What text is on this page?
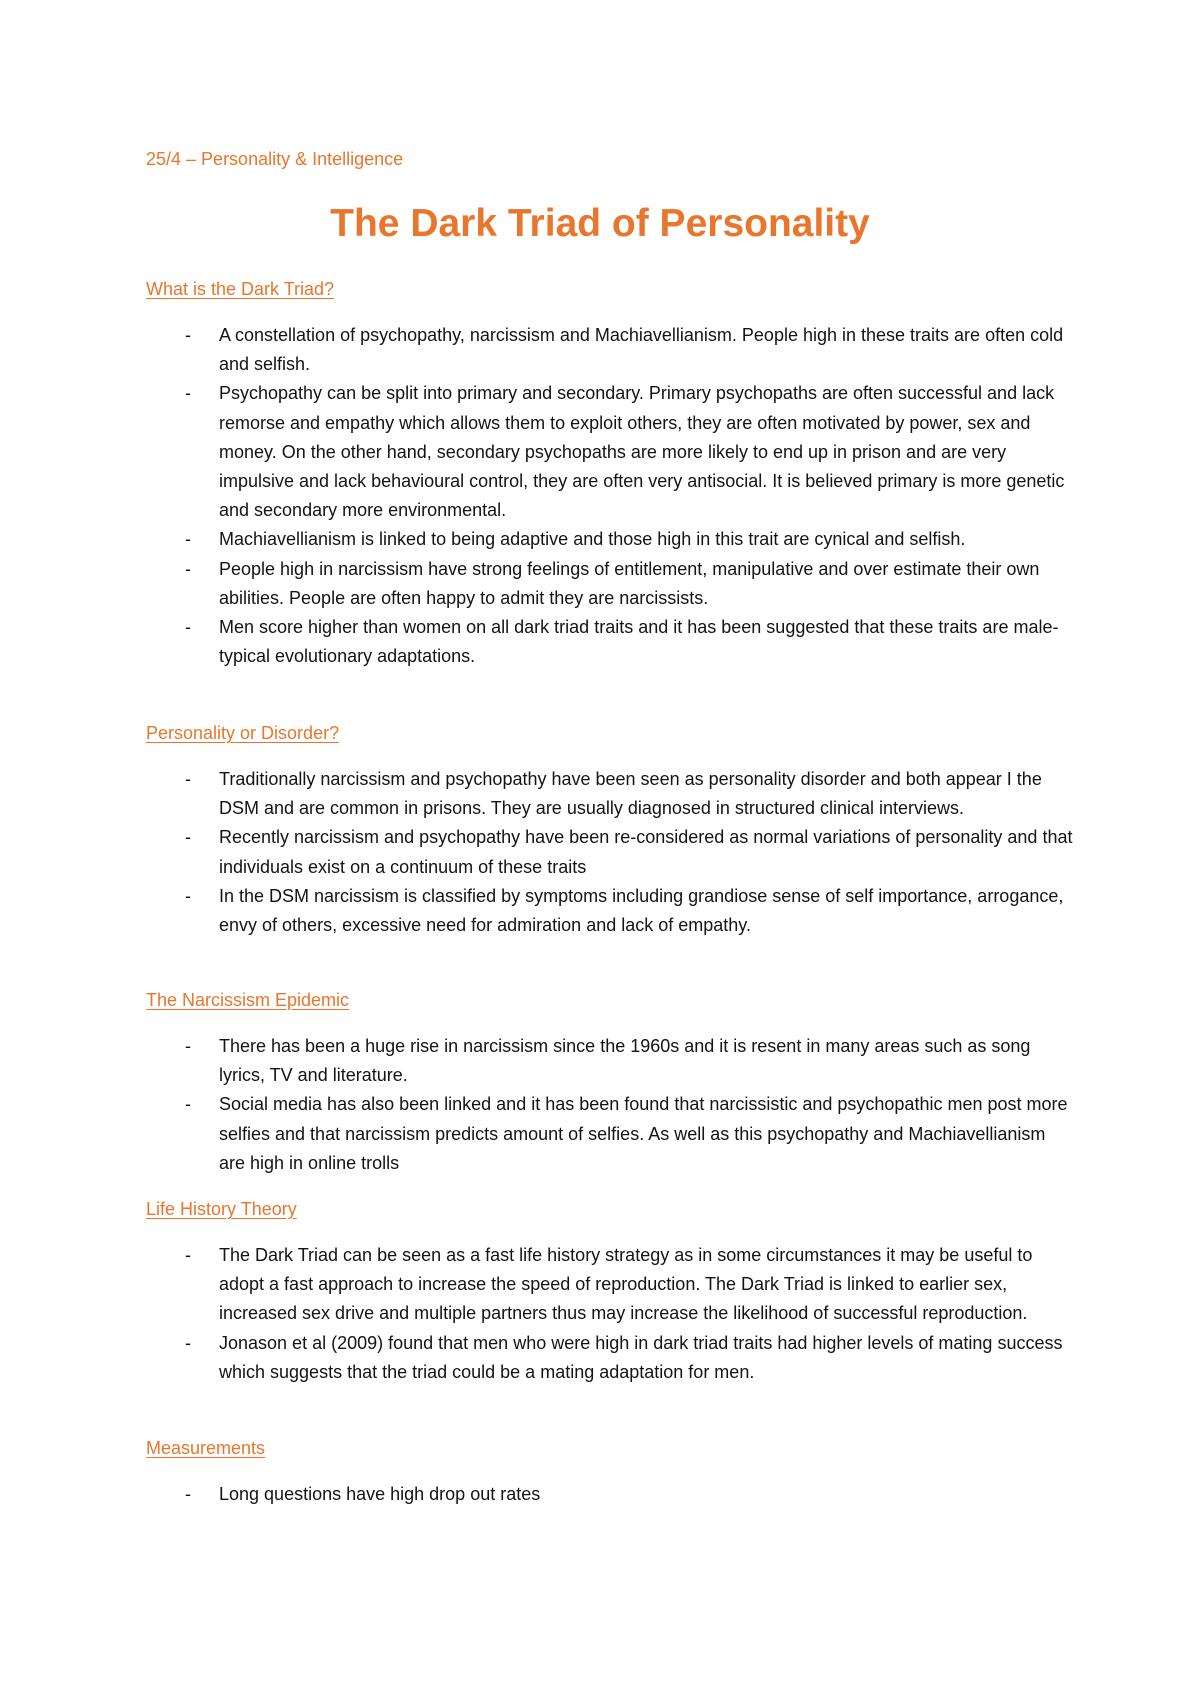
25/4 – Personality & Intelligence
The Dark Triad of Personality
What is the Dark Triad?
- A constellation of psychopathy, narcissism and Machiavellianism. People high in these traits are often cold and selfish.
- Psychopathy can be split into primary and secondary. Primary psychopaths are often successful and lack remorse and empathy which allows them to exploit others, they are often motivated by power, sex and money. On the other hand, secondary psychopaths are more likely to end up in prison and are very impulsive and lack behavioural control, they are often very antisocial. It is believed primary is more genetic and secondary more environmental.
- Machiavellianism is linked to being adaptive and those high in this trait are cynical and selfish.
- People high in narcissism have strong feelings of entitlement, manipulative and over estimate their own abilities. People are often happy to admit they are narcissists.
- Men score higher than women on all dark triad traits and it has been suggested that these traits are male-typical evolutionary adaptations.
Personality or Disorder?
- Traditionally narcissism and psychopathy have been seen as personality disorder and both appear I the DSM and are common in prisons. They are usually diagnosed in structured clinical interviews.
- Recently narcissism and psychopathy have been re-considered as normal variations of personality and that individuals exist on a continuum of these traits
- In the DSM narcissism is classified by symptoms including grandiose sense of self importance, arrogance, envy of others, excessive need for admiration and lack of empathy.
The Narcissism Epidemic
- There has been a huge rise in narcissism since the 1960s and it is resent in many areas such as song lyrics, TV and literature.
- Social media has also been linked and it has been found that narcissistic and psychopathic men post more selfies and that narcissism predicts amount of selfies. As well as this psychopathy and Machiavellianism are high in online trolls
Life History Theory
- The Dark Triad can be seen as a fast life history strategy as in some circumstances it may be useful to adopt a fast approach to increase the speed of reproduction. The Dark Triad is linked to earlier sex, increased sex drive and multiple partners thus may increase the likelihood of successful reproduction.
- Jonason et al (2009) found that men who were high in dark triad traits had higher levels of mating success which suggests that the triad could be a mating adaptation for men.
Measurements
- Long questions have high drop out rates
